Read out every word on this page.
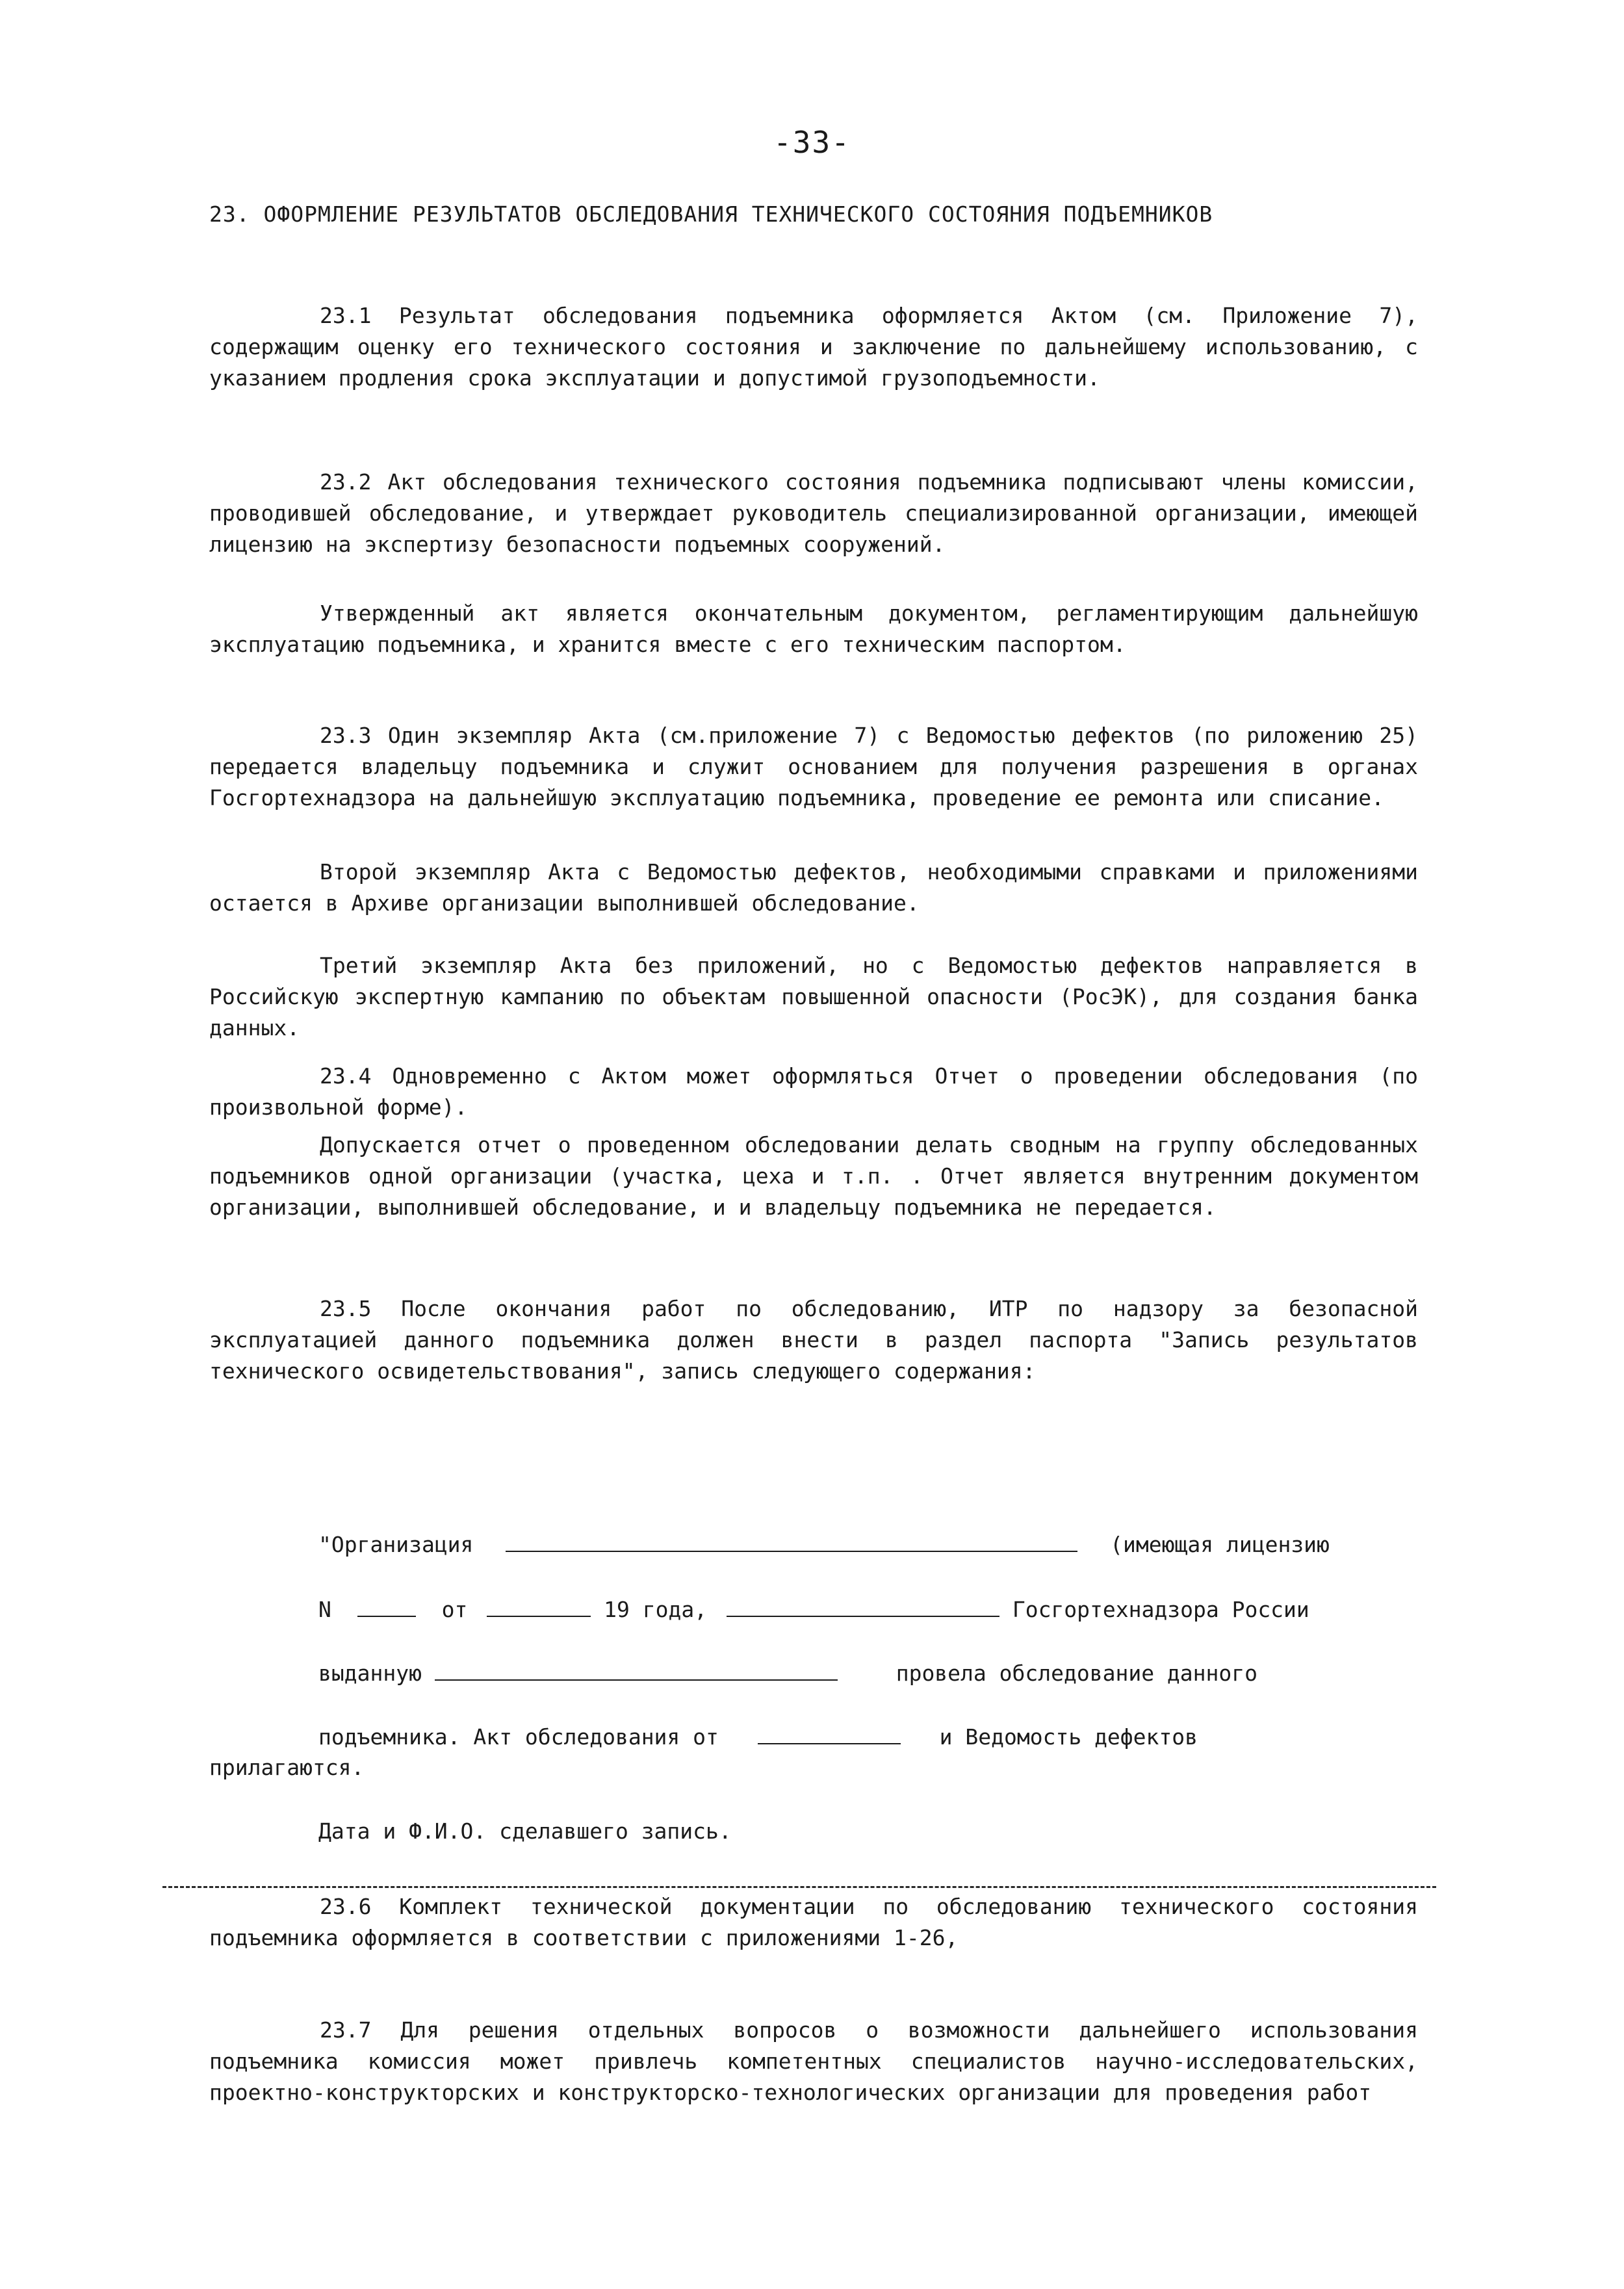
-33-
23. ОФОРМЛЕНИЕ РЕЗУЛЬТАТОВ ОБСЛЕДОВАНИЯ ТЕХНИЧЕСКОГО СОСТОЯНИЯ ПОДЪЕМНИКОВ

23.1 Результат обследования подъемника оформляется Актом (см. Приложение 7), содержащим оценку его технического состояния и заключение по дальнейшему использованию, с указанием продления срока эксплуатации и допустимой грузоподъемности.

23.2 Акт обследования технического состояния подъемника подписывают члены комиссии, проводившей обследование, и утверждает руководитель специализированной организации, имеющей лицензию на экспертизу безопасности подъемных сооружений.

Утвержденный акт является окончательным документом, регламентирующим дальнейшую эксплуатацию подъемника, и хранится вместе с его техническим паспортом.

23.3 Один экземпляр Акта (см.приложение 7) с Ведомостью дефектов (по риложению 25) передается владельцу подъемника и служит основанием для получения разрешения в органах Госгортехнадзора на дальнейшую эксплуатацию подъемника, проведение ее ремонта или списание.

Второй экземпляр Акта с Ведомостью дефектов, необходимыми справками и приложениями остается в Архиве организации выполнившей обследование.

Третий экземпляр Акта без приложений, но с Ведомостью дефектов направляется в Российскую экспертную кампанию по объектам повышенной опасности (РосЭК), для создания банка данных.

23.4 Одновременно с Актом может оформляться Отчет о проведении обследования (по произвольной форме).

Допускается отчет о проведенном обследовании делать сводным на группу обследованных подъемников одной организации (участка, цеха и т.п. . Отчет является внутренним документом организации, выполнившей обследование, и и владельцу подъемника не передается.

23.5 После окончания работ по обследованию, ИТР по надзору за безопасной эксплуатацией данного подъемника должен внести в раздел паспорта "Запись результатов технического освидетельствования", запись следующего содержания:

"Организация	(имеющая лицензию
N	от	19 года,	Госгортехнадзора России
выданную	провела обследование данного
подъемника. Акт обследования от	и Ведомость дефектов
прилагаются.
Дата и Ф.И.О. сделавшего запись.

23.6 Комплект технической документации по обследованию технического состояния подъемника оформляется в соответствии с приложениями 1-26,

23.7 Для решения отдельных вопросов о возможности дальнейшего использования подъемника комиссия может привлечь компетентных специалистов научно-исследовательских, проектно-конструкторских и конструкторско-технологических организации для проведения работ
